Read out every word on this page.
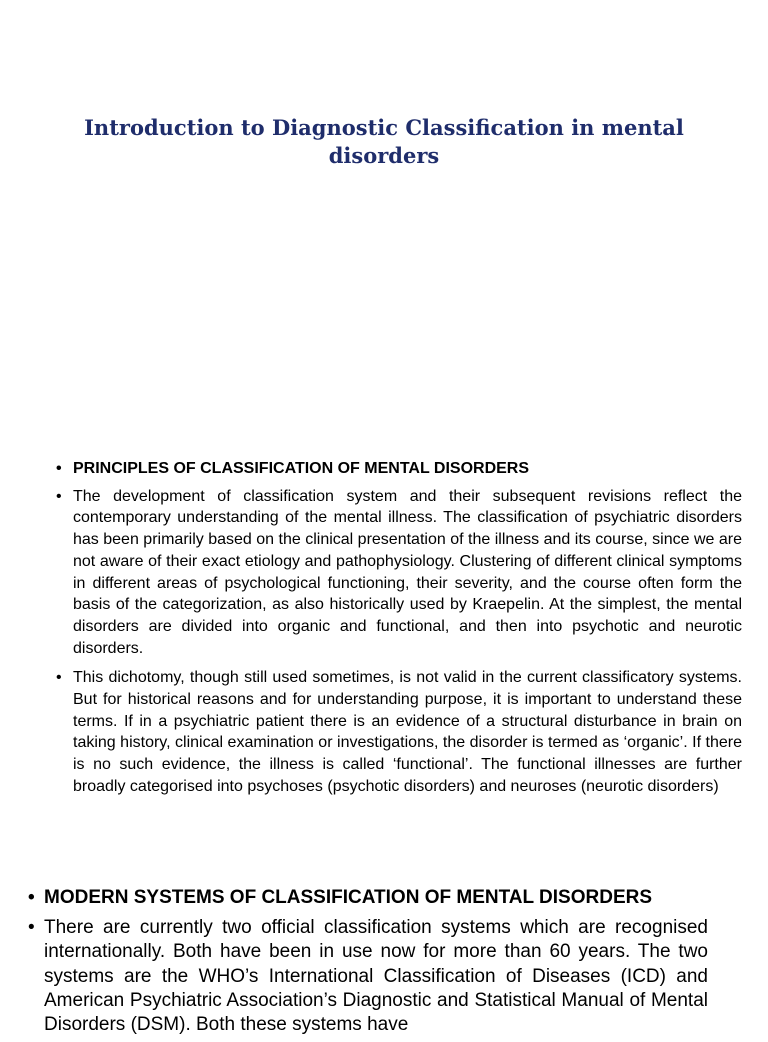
Introduction to Diagnostic Classification in mental disorders
• PRINCIPLES OF CLASSIFICATION OF MENTAL DISORDERS
• The development of classification system and their subsequent revisions reflect the contemporary understanding of the mental illness. The classification of psychiatric disorders has been primarily based on the clinical presentation of the illness and its course, since we are not aware of their exact etiology and pathophysiology. Clustering of different clinical symptoms in different areas of psychological functioning, their severity, and the course often form the basis of the categorization, as also historically used by Kraepelin. At the simplest, the mental disorders are divided into organic and functional, and then into psychotic and neurotic disorders.
• This dichotomy, though still used sometimes, is not valid in the current classificatory systems. But for historical reasons and for understanding purpose, it is important to understand these terms. If in a psychiatric patient there is an evidence of a structural disturbance in brain on taking history, clinical examination or investigations, the disorder is termed as ‘organic’. If there is no such evidence, the illness is called ‘functional’. The functional illnesses are further broadly categorised into psychoses (psychotic disorders) and neuroses (neurotic disorders)
• MODERN SYSTEMS OF CLASSIFICATION OF MENTAL DISORDERS
• There are currently two official classification systems which are recognised internationally. Both have been in use now for more than 60 years. The two systems are the WHO’s International Classification of Diseases (ICD) and American Psychiatric Association’s Diagnostic and Statistical Manual of Mental Disorders (DSM). Both these systems have
